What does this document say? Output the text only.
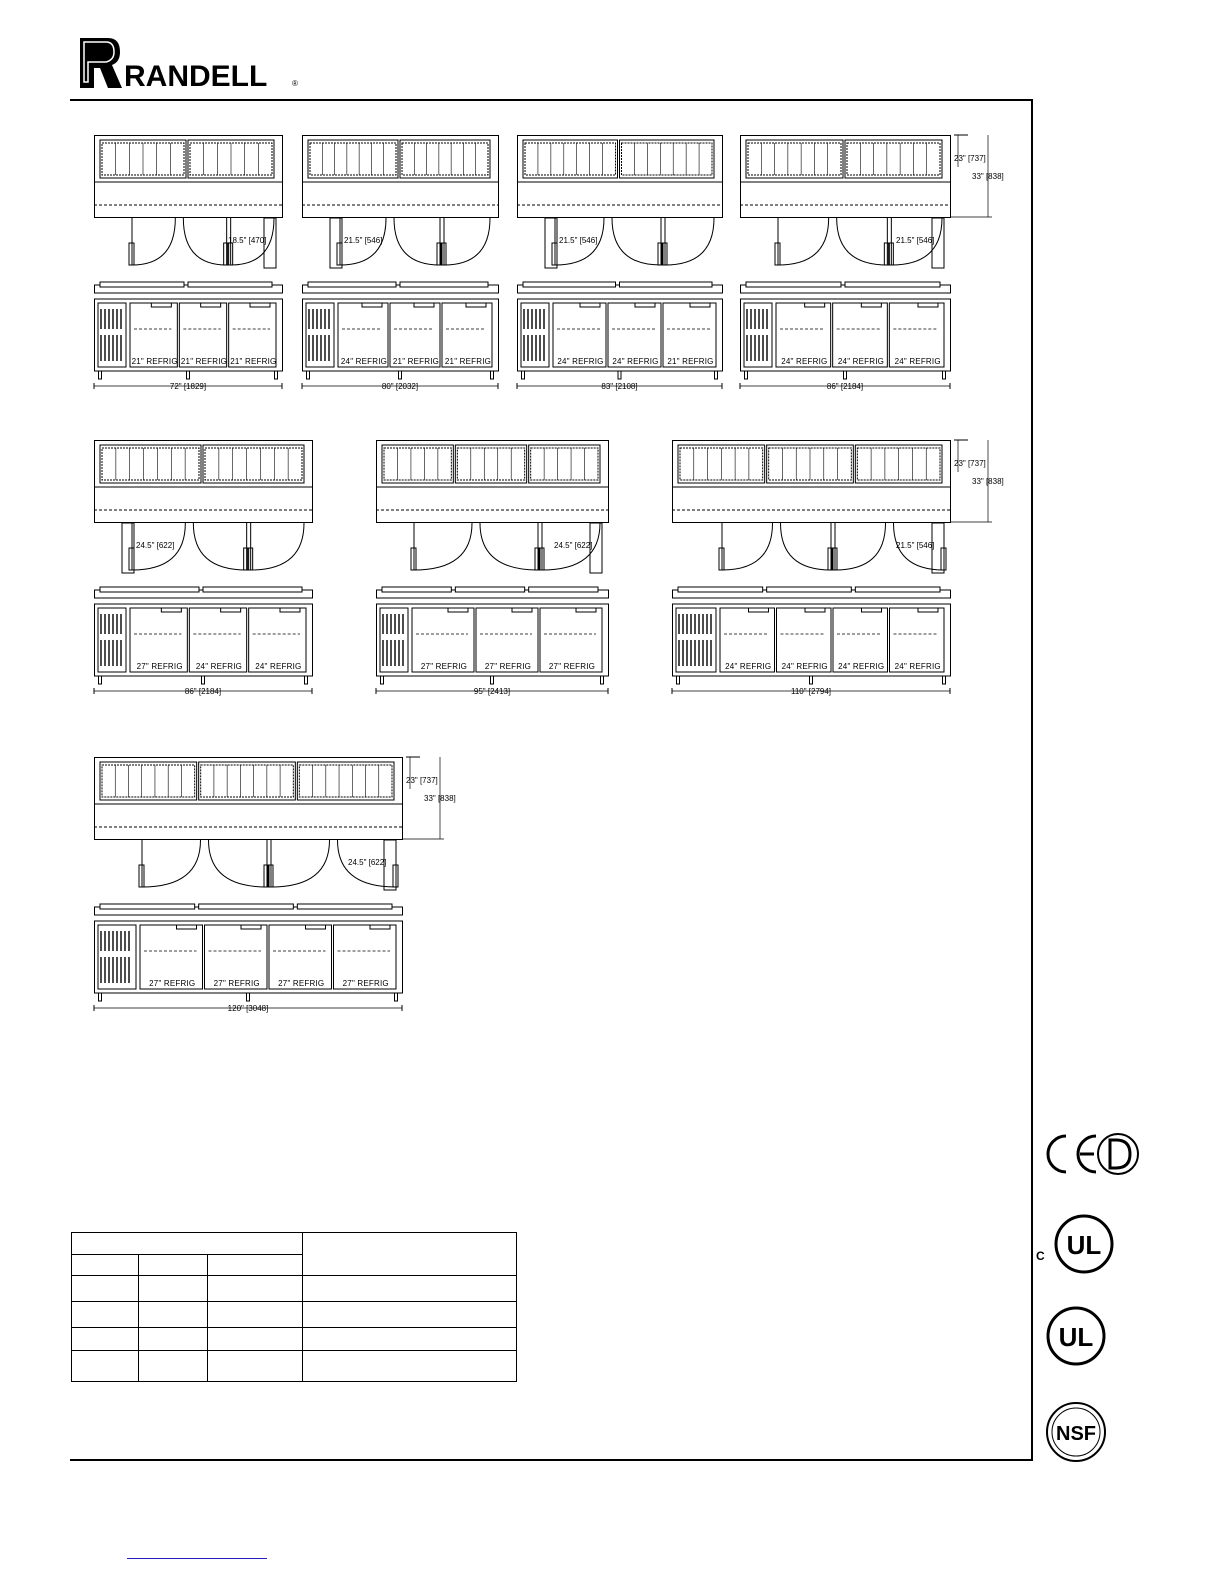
RANDELL	®
18.5" [470]
21" REFRIG 21" REFRIG 21" REFRIG
72" [1829]
21.5" [546]
24" REFRIG 21" REFRIG 21" REFRIG
80" [2032]
21.5" [546]
24" REFRIG 24" REFRIG 21" REFRIG
83" [2108]
21.5" [546]
23" [737]
33" [838]
24" REFRIG 24" REFRIG 24" REFRIG
86" [2184]
24.5" [622]
27" REFRIG 24" REFRIG 24" REFRIG
86" [2184]
24.5" [622]
27" REFRIG 27" REFRIG 27" REFRIG
95" [2413]
21.5" [546]
23" [737]
33" [838]
24" REFRIG 24" REFRIG 24" REFRIG 24" REFRIG
110" [2794]
24.5" [622]
23" [737]
33" [838]
27" REFRIG 27" REFRIG 27" REFRIG 27" REFRIG
120" [3048]

C UL
UL
NSF
